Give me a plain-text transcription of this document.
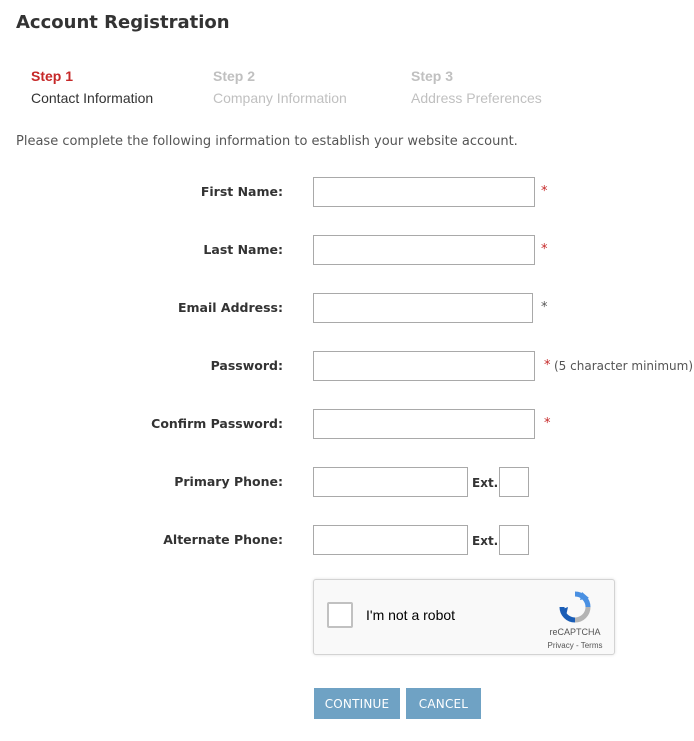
Account Registration
Step 1
Contact Information
Step 2
Company Information
Step 3
Address Preferences
Please complete the following information to establish your website account.
First Name:	*
Last Name:	*
Email Address:	*
Password:	* (5 character minimum)
Confirm Password:	*
Primary Phone:	Ext.
Alternate Phone:	Ext.
I'm not a robot
reCAPTCHA
Privacy - Terms
CONTINUE	CANCEL
